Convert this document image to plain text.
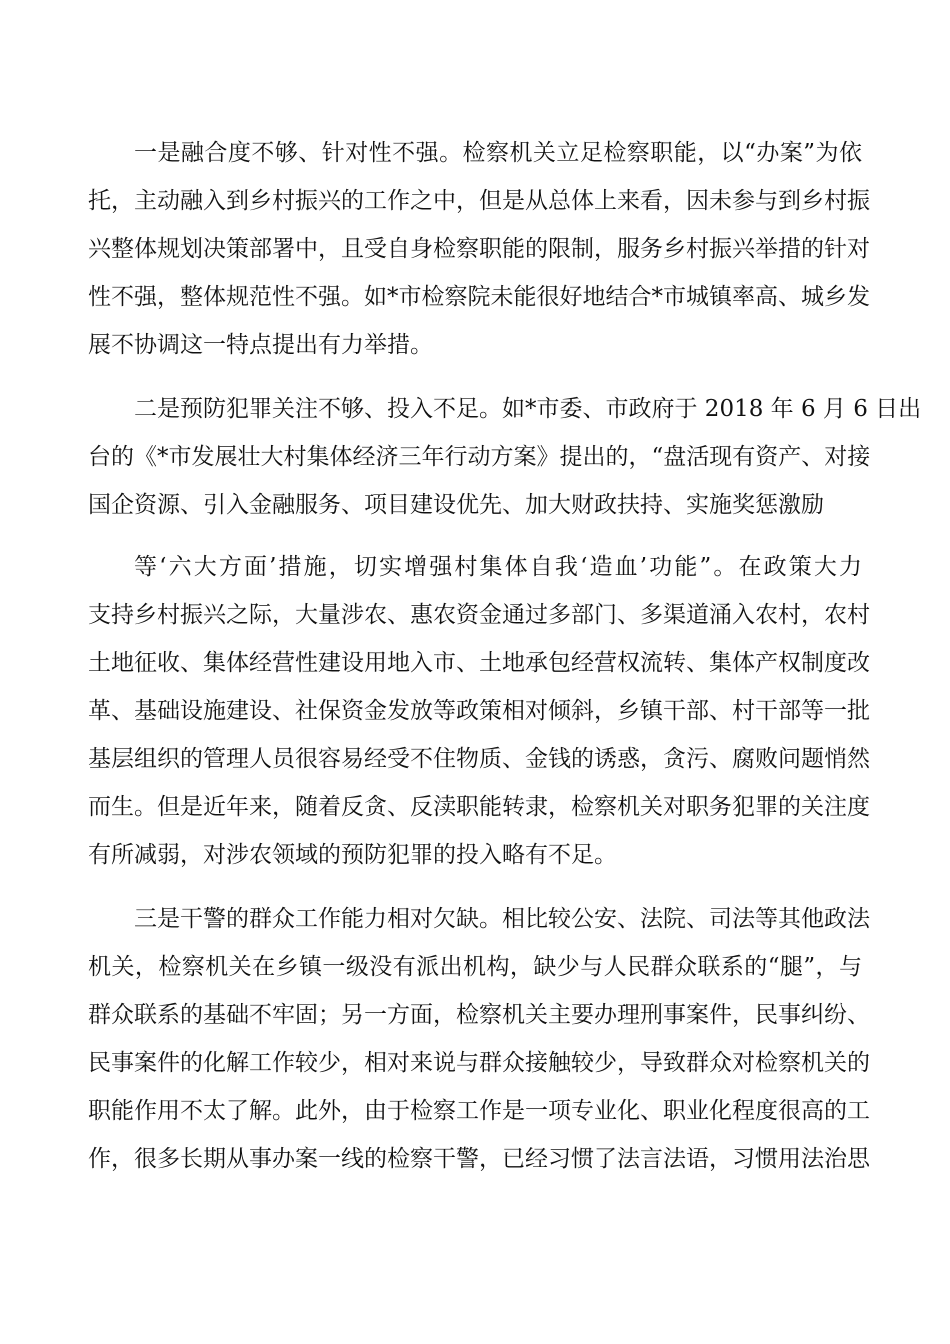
一是融合度不够、针对性不强。检察机关立足检察职能，以“办案”为依
托，主动融入到乡村振兴的工作之中，但是从总体上来看，因未参与到乡村振
兴整体规划决策部署中，且受自身检察职能的限制，服务乡村振兴举措的针对
性不强，整体规范性不强。如*市检察院未能很好地结合*市城镇率高、城乡发
展不协调这一特点提出有力举措。
二是预防犯罪关注不够、投入不足。如*市委、市政府于 2018 年 6 月 6 日出
台的《*市发展壮大村集体经济三年行动方案》提出的，“盘活现有资产、对接
国企资源、引入金融服务、项目建设优先、加大财政扶持、实施奖惩激励
等‘六大方面’措施，切实增强村集体自我‘造血’功能”。在政策大力
支持乡村振兴之际，大量涉农、惠农资金通过多部门、多渠道涌入农村，农村
土地征收、集体经营性建设用地入市、土地承包经营权流转、集体产权制度改
革、基础设施建设、社保资金发放等政策相对倾斜，乡镇干部、村干部等一批
基层组织的管理人员很容易经受不住物质、金钱的诱惑，贪污、腐败问题悄然
而生。但是近年来，随着反贪、反渎职能转隶，检察机关对职务犯罪的关注度
有所减弱，对涉农领域的预防犯罪的投入略有不足。
三是干警的群众工作能力相对欠缺。相比较公安、法院、司法等其他政法
机关，检察机关在乡镇一级没有派出机构，缺少与人民群众联系的“腿”，与
群众联系的基础不牢固；另一方面，检察机关主要办理刑事案件，民事纠纷、
民事案件的化解工作较少，相对来说与群众接触较少，导致群众对检察机关的
职能作用不太了解。此外，由于检察工作是一项专业化、职业化程度很高的工
作，很多长期从事办案一线的检察干警，已经习惯了法言法语，习惯用法治思
